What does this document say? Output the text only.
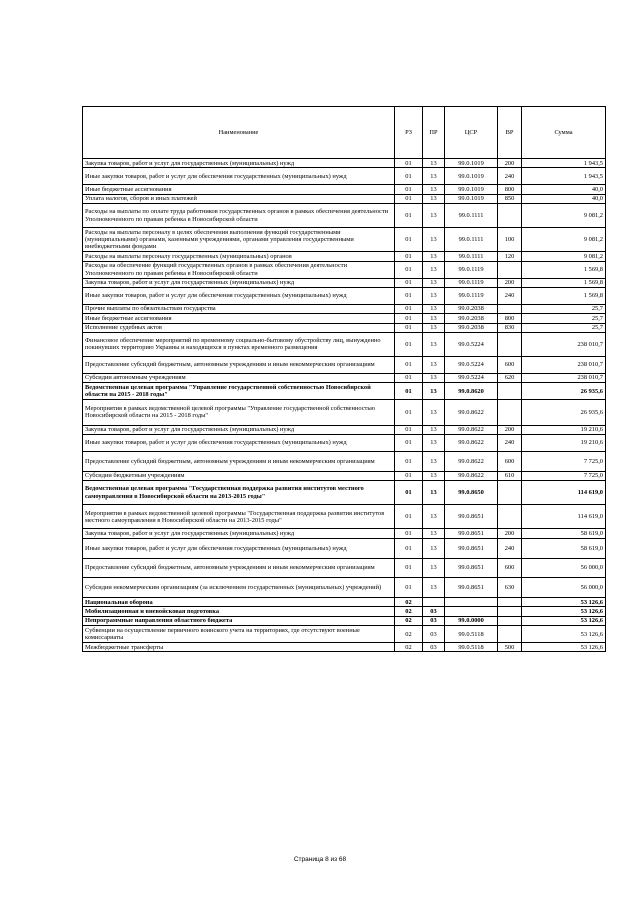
Наименование	РЗ	ПР	ЦСР	ВР	Сумма
Закупка товаров, работ и услуг для государственных (муниципальных) нужд	01	13	99.0.1019	200	1 943,5
Иные закупки товаров, работ и услуг для обеспечения государственных (муниципальных) нужд	01	13	99.0.1019	240	1 943,5
Иные бюджетные ассигнования	01	13	99.0.1019	800	40,0
Уплата налогов, сборов и иных платежей	01	13	99.0.1019	850	40,0
Расходы на выплаты по оплате труда работников государственных органов в рамках обеспечения деятельности Уполномоченного по правам ребенка в Новосибирской области	01	13	99.0.1111		9 081,2
Расходы на выплаты персоналу в целях обеспечения выполнения функций государственными (муниципальными) органами, казенными учреждениями, органами управления государственными внебюджетными фондами	01	13	99.0.1111	100	9 081,2
Расходы на выплаты персоналу государственных (муниципальных) органов	01	13	99.0.1111	120	9 081,2
Расходы на обеспечение функций государственных органов в рамках обеспечения деятельности Уполномоченного по правам ребенка в Новосибирской области	01	13	99.0.1119		1 569,8
Закупка товаров, работ и услуг для государственных (муниципальных) нужд	01	13	99.0.1119	200	1 569,8
Иные закупки товаров, работ и услуг для обеспечения государственных (муниципальных) нужд	01	13	99.0.1119	240	1 569,8
Прочие выплаты по обязательствам государства	01	13	99.0.2038		25,7
Иные бюджетные ассигнования	01	13	99.0.2038	800	25,7
Исполнение судебных актов	01	13	99.0.2038	830	25,7
Финансовое обеспечение мероприятий по временному социально-бытовому обустройству лиц, вынужденно покинувших территорию Украины и находящихся в пунктах временного размещения	01	13	99.0.5224		238 010,7
Предоставление субсидий бюджетным, автономным учреждениям и иным некоммерческим организациям	01	13	99.0.5224	600	238 010,7
Субсидии автономным учреждениям	01	13	99.0.5224	620	238 010,7
Ведомственная целевая программа "Управление государственной собственностью Новосибирской области на 2015 - 2018 годы"	01	13	99.0.8620		26 935,6
Мероприятия в рамках ведомственной целевой программы "Управление государственной собственностью Новосибирской области на 2015 - 2018 годы"	01	13	99.0.8622		26 935,6
Закупка товаров, работ и услуг для государственных (муниципальных) нужд	01	13	99.0.8622	200	19 210,6
Иные закупки товаров, работ и услуг для обеспечения государственных (муниципальных) нужд	01	13	99.0.8622	240	19 210,6
Предоставление субсидий бюджетным, автономным учреждениям и иным некоммерческим организациям	01	13	99.0.8622	600	7 725,0
Субсидии бюджетным учреждениям	01	13	99.0.8622	610	7 725,0
Ведомственная целевая программа "Государственная поддержка развития институтов местного самоуправления в Новосибирской области на 2013-2015 годы"	01	13	99.0.8650		114 619,0
Мероприятия в рамках ведомственной целевой программы "Государственная поддержка развития институтов местного самоуправления в Новосибирской области на 2013-2015 годы"	01	13	99.0.8651		114 619,0
Закупка товаров, работ и услуг для государственных (муниципальных) нужд	01	13	99.0.8651	200	58 619,0
Иные закупки товаров, работ и услуг для обеспечения государственных (муниципальных) нужд	01	13	99.0.8651	240	58 619,0
Предоставление субсидий бюджетным, автономным учреждениям и иным некоммерческим организациям	01	13	99.0.8651	600	56 000,0
Субсидии некоммерческим организациям (за исключением государственных (муниципальных) учреждений)	01	13	99.0.8651	630	56 000,0
Национальная оборона	02				53 126,6
Мобилизационная и вневойсковая подготовка	02	03			53 126,6
Непрограммные направления областного бюджета	02	03	99.0.0000		53 126,6
Субвенции на осуществление первичного воинского учета на территориях, где отсутствуют военные комиссариаты	02	03	99.0.5118		53 126,6
Межбюджетные трансферты	02	03	99.0.5118	500	53 126,6
Страница 8 из 68
